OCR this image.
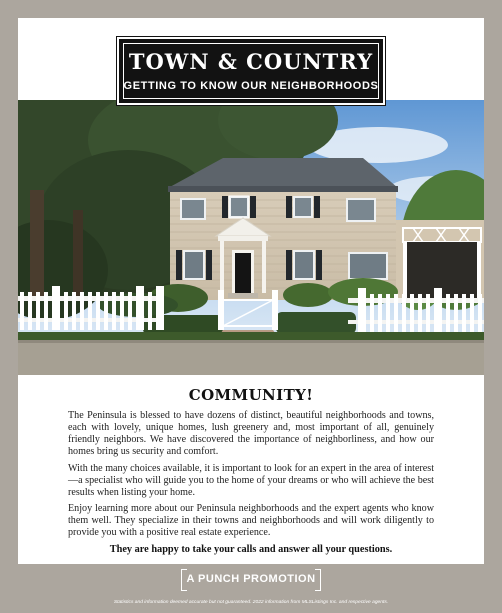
TOWN & COUNTRY
GETTING TO KNOW OUR NEIGHBORHOODS
COMMUNITY!

The Peninsula is blessed to have dozens of distinct, beautiful neighborhoods and towns, each with lovely, unique homes, lush greenery and, most important of all, genuinely friendly neighbors. We have discovered the importance of neighborliness, and how our homes bring us security and comfort.

With the many choices available, it is important to look for an expert in the area of interest—a specialist who will guide you to the home of your dreams or who will achieve the best results when listing your home.

Enjoy learning more about our Peninsula neighborhoods and the expert agents who know them well. They specialize in their towns and neighborhoods and will work diligently to provide you with a positive real estate experience.

They are happy to take your calls and answer all your questions.
A PUNCH PROMOTION
Statistics and information deemed accurate but not guaranteed. 2022 information from MLSListings Inc. and respective agents.
